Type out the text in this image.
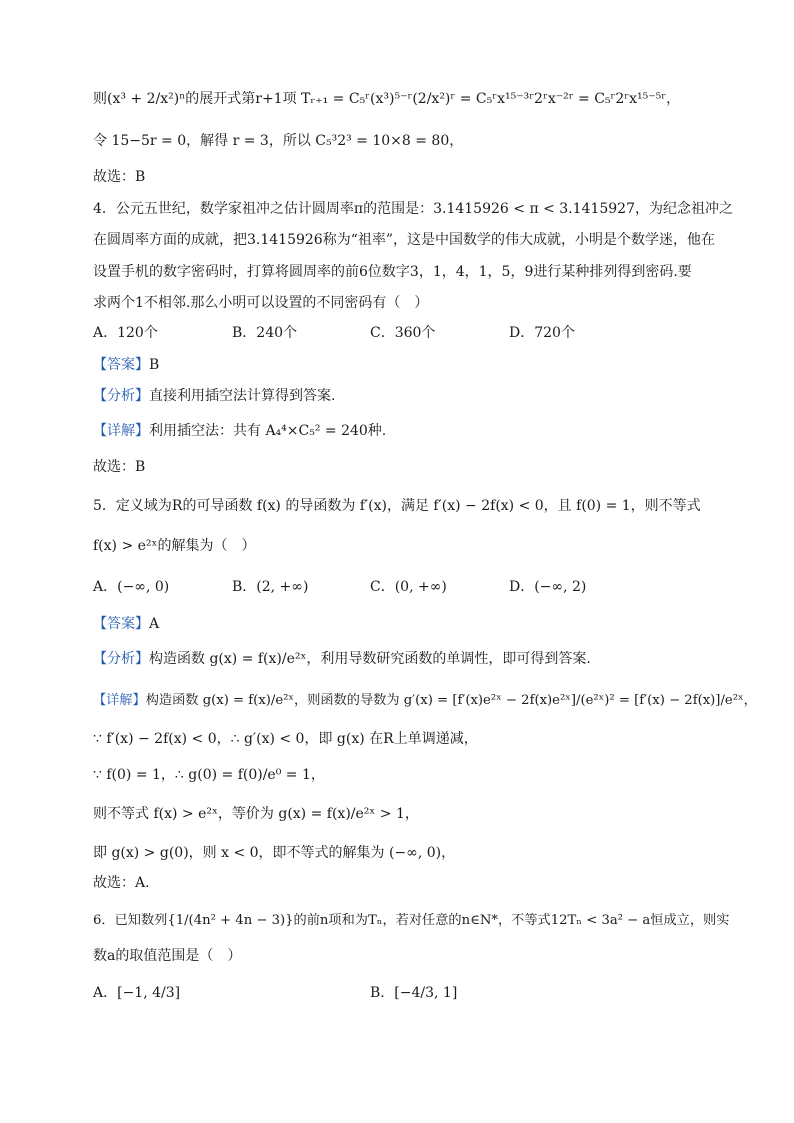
则(x³ + 2/x²)ⁿ的展开式第r+1项 Tᵣ₊₁ = C₅ʳ(x³)⁵⁻ʳ(2/x²)ʳ = C₅ʳx¹⁵⁻³ʳ2ʳx⁻²ʳ = C₅ʳ2ʳx¹⁵⁻⁵ʳ，
令 15−5r = 0，解得 r = 3，所以 C₅³2³ = 10×8 = 80，
故选：B
4．公元五世纪，数学家祖冲之估计圆周率π的范围是：3.1415926 < π < 3.1415927，为纪念祖冲之
在圆周率方面的成就，把3.1415926称为“祖率”，这是中国数学的伟大成就，小明是个数学迷，他在
设置手机的数字密码时，打算将圆周率的前6位数字3，1，4，1，5，9进行某种排列得到密码.要
求两个1不相邻.那么小明可以设置的不同密码有（　）
A．120个	B．240个	C．360个	D．720个
【答案】B
【分析】直接利用插空法计算得到答案.
【详解】利用插空法：共有 A₄⁴×C₅² = 240种.
故选：B
5．定义域为R的可导函数 f(x) 的导函数为 f′(x)，满足 f′(x) − 2f(x) < 0，且 f(0) = 1，则不等式
f(x) > e²ˣ的解集为（　）
A．(−∞, 0)	B．(2, +∞)	C．(0, +∞)	D．(−∞, 2)
【答案】A
【分析】构造函数 g(x) = f(x)/e²ˣ，利用导数研究函数的单调性，即可得到答案.
【详解】构造函数 g(x) = f(x)/e²ˣ，则函数的导数为 g′(x) = [f′(x)e²ˣ − 2f(x)e²ˣ]/(e²ˣ)² = [f′(x) − 2f(x)]/e²ˣ，
∵ f′(x) − 2f(x) < 0，∴ g′(x) < 0，即 g(x) 在R上单调递减，
∵ f(0) = 1，∴ g(0) = f(0)/e⁰ = 1，
则不等式 f(x) > e²ˣ，等价为 g(x) = f(x)/e²ˣ > 1，
即 g(x) > g(0)，则 x < 0，即不等式的解集为 (−∞, 0)，
故选：A.
6．已知数列{1/(4n² + 4n − 3)}的前n项和为Tₙ，若对任意的n∈N*，不等式12Tₙ < 3a² − a恒成立，则实
数a的取值范围是（　）
A．[−1, 4/3]	B．[−4/3, 1]
